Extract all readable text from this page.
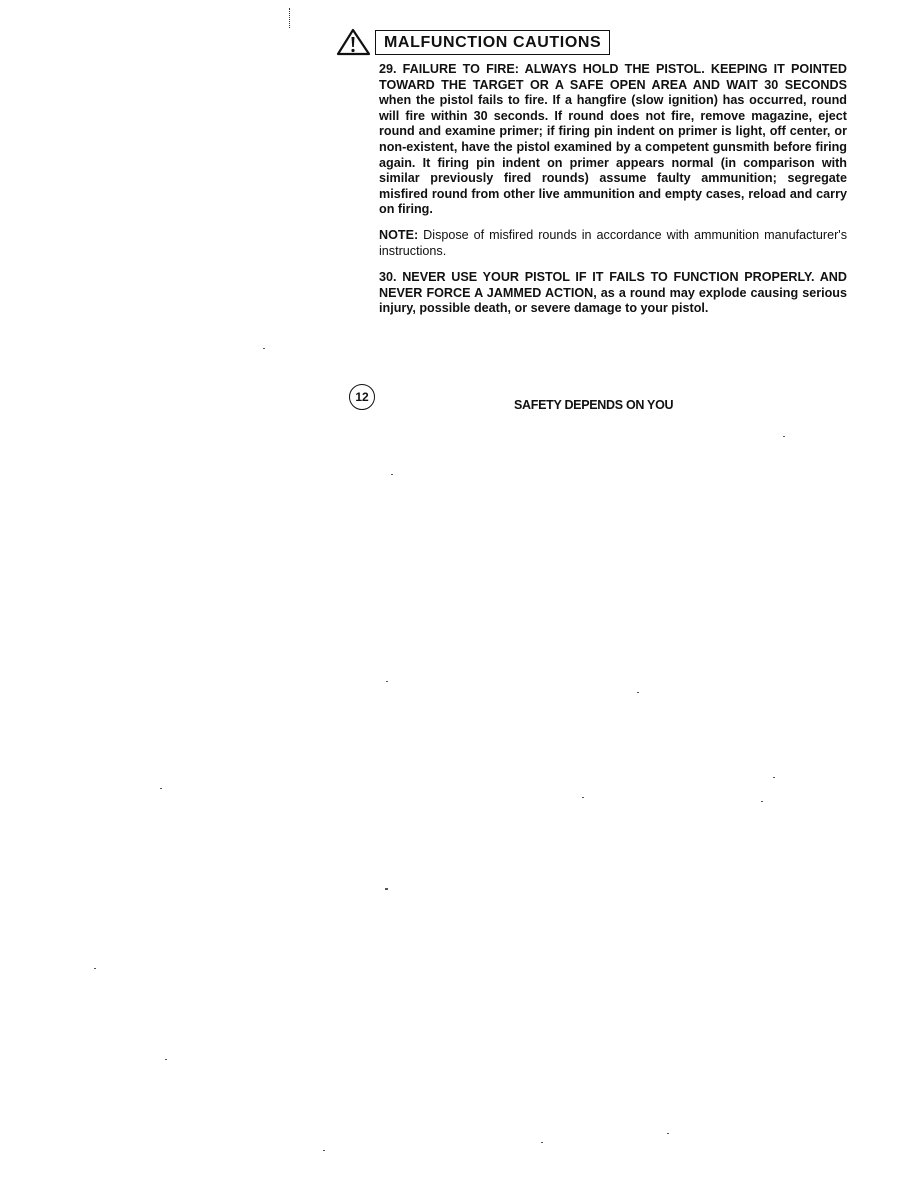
MALFUNCTION CAUTIONS

29. FAILURE TO FIRE: ALWAYS HOLD THE PISTOL. KEEPING IT POINTED TOWARD THE TARGET OR A SAFE OPEN AREA AND WAIT 30 SECONDS when the pistol fails to fire. If a hangfire (slow ignition) has occurred, round will fire within 30 seconds. If round does not fire, remove magazine, eject round and examine primer; if firing pin indent on primer is light, off center, or non-existent, have the pistol examined by a competent gunsmith before firing again. It firing pin indent on primer appears normal (in comparison with similar previously fired rounds) assume faulty ammunition; segregate misfired round from other live ammunition and empty cases, reload and carry on firing.

NOTE: Dispose of misfired rounds in accordance with ammunition manufacturer's instructions.

30. NEVER USE YOUR PISTOL IF IT FAILS TO FUNCTION PROPERLY. AND NEVER FORCE A JAMMED ACTION, as a round may explode causing serious injury, possible death, or severe damage to your pistol.

12
SAFETY DEPENDS ON YOU
